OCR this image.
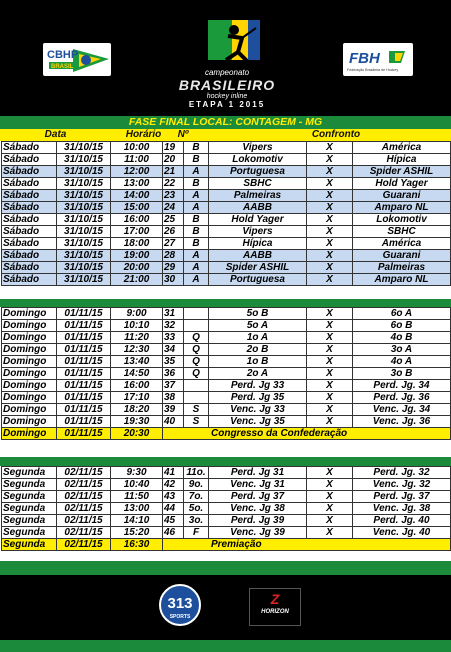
CBHP
BRASIL
campeonato
BRASILEIRO
hockey inline
ETAPA 1 2015
FBH
Federação Brasileira de Hockey
FASE FINAL LOCAL: CONTAGEM - MG
Data	Horário	Nº	Confronto
Sábado	31/10/15	10:00	19	B	Vipers	X	América
Sábado	31/10/15	11:00	20	B	Lokomotiv	X	Hípica
Sábado	31/10/15	12:00	21	A	Portuguesa	X	Spider ASHIL
Sábado	31/10/15	13:00	22	B	SBHC	X	Hold Yager
Sábado	31/10/15	14:00	23	A	Palmeiras	X	Guarani
Sábado	31/10/15	15:00	24	A	AABB	X	Amparo NL
Sábado	31/10/15	16:00	25	B	Hold Yager	X	Lokomotiv
Sábado	31/10/15	17:00	26	B	Vipers	X	SBHC
Sábado	31/10/15	18:00	27	B	Hípica	X	América
Sábado	31/10/15	19:00	28	A	AABB	X	Guarani
Sábado	31/10/15	20:00	29	A	Spider ASHIL	X	Palmeiras
Sábado	31/10/15	21:00	30	A	Portuguesa	X	Amparo NL
Domingo	01/11/15	9:00	31		5o B	X	6o A
Domingo	01/11/15	10:10	32		5o A	X	6o B
Domingo	01/11/15	11:20	33	Q	1o A	X	4o B
Domingo	01/11/15	12:30	34	Q	2o B	X	3o A
Domingo	01/11/15	13:40	35	Q	1o B	X	4o A
Domingo	01/11/15	14:50	36	Q	2o A	X	3o B
Domingo	01/11/15	16:00	37		Perd. Jg 33	X	Perd. Jg. 34
Domingo	01/11/15	17:10	38		Perd. Jg 35	X	Perd. Jg. 36
Domingo	01/11/15	18:20	39	S	Venc. Jg 33	X	Venc. Jg. 34
Domingo	01/11/15	19:30	40	S	Venc. Jg 35	X	Venc. Jg. 36
Domingo	01/11/15	20:30	Congresso da Confederação				
Segunda	02/11/15	9:30	41	11o.	Perd. Jg 31	X	Perd. Jg. 32
Segunda	02/11/15	10:40	42	9o.	Venc. Jg 31	X	Venc. Jg. 32
Segunda	02/11/15	11:50	43	7o.	Perd. Jg 37	X	Perd. Jg. 37
Segunda	02/11/15	13:00	44	5o.	Venc. Jg 38	X	Venc. Jg. 38
Segunda	02/11/15	14:10	45	3o.	Perd. Jg 39	X	Perd. Jg. 40
Segunda	02/11/15	15:20	46	F	Venc. Jg 39	X	Venc. Jg. 40
Segunda	02/11/15	16:30	Premiação				
313
SPORTS
Z
HORIZON
